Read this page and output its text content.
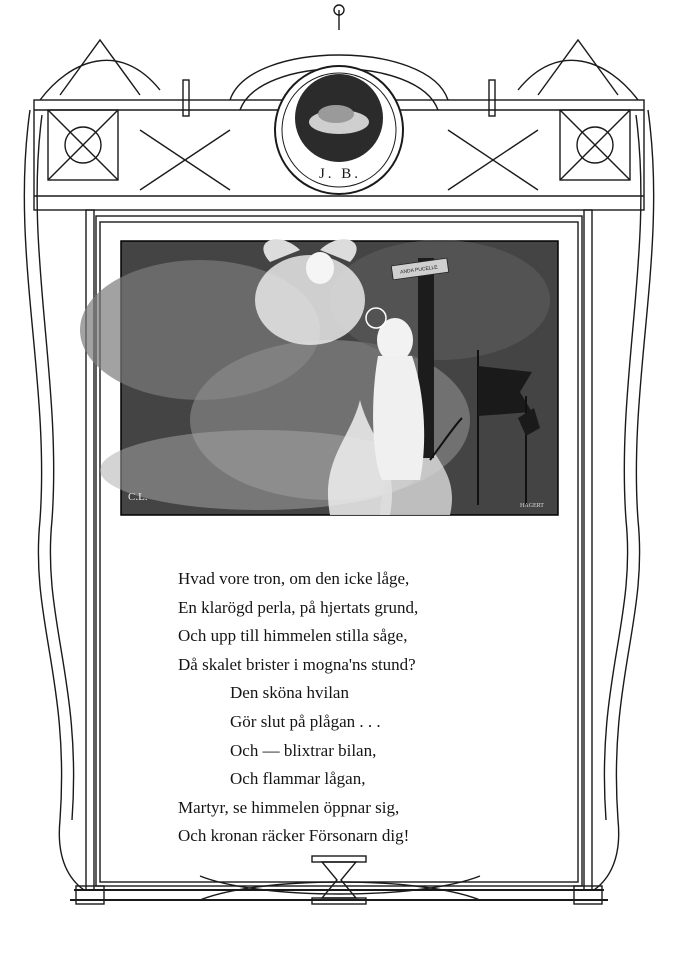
J. B.
ANDA PUCELLE
C.L.
HAGERT
Hvad vore tron, om den icke låge,
En klarögd perla, på hjertats grund,
Och upp till himmelen stilla såge,
Då skalet brister i mogna'ns stund?
Den sköna hvilan
Gör slut på plågan . . .
Och — blixtrar bilan,
Och flammar lågan,
Martyr, se himmelen öppnar sig,
Och kronan räcker Försonarn dig!
